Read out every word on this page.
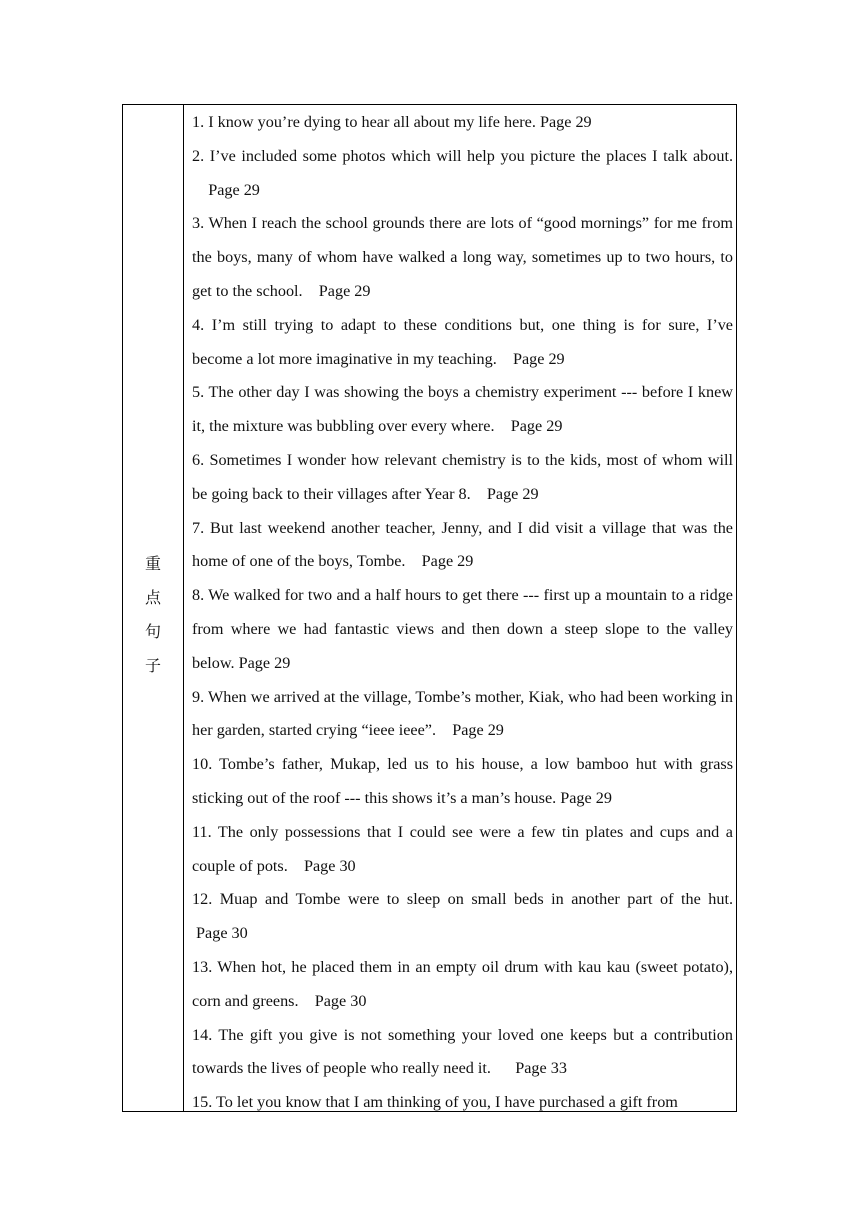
重
点
句
子
1. I know you’re dying to hear all about my life here. Page 29
2. I’ve included some photos which will help you picture the places I talk about.    Page 29
3. When I reach the school grounds there are lots of “good mornings” for me from the boys, many of whom have walked a long way, sometimes up to two hours, to get to the school.    Page 29
4. I’m still trying to adapt to these conditions but, one thing is for sure, I’ve become a lot more imaginative in my teaching.    Page 29
5. The other day I was showing the boys a chemistry experiment --- before I knew it, the mixture was bubbling over every where.    Page 29
6. Sometimes I wonder how relevant chemistry is to the kids, most of whom will be going back to their villages after Year 8.    Page 29
7. But last weekend another teacher, Jenny, and I did visit a village that was the home of one of the boys, Tombe.    Page 29
8. We walked for two and a half hours to get there --- first up a mountain to a ridge from where we had fantastic views and then down a steep slope to the valley below. Page 29
9. When we arrived at the village, Tombe’s mother, Kiak, who had been working in her garden, started crying “ieee ieee”.    Page 29
10. Tombe’s father, Mukap, led us to his house, a low bamboo hut with grass sticking out of the roof --- this shows it’s a man’s house. Page 29
11. The only possessions that I could see were a few tin plates and cups and a couple of pots.    Page 30
12. Muap and Tombe were to sleep on small beds in another part of the hut. Page 30
13. When hot, he placed them in an empty oil drum with kau kau (sweet potato), corn and greens.    Page 30
14. The gift you give is not something your loved one keeps but a contribution towards the lives of people who really need it.      Page 33
15. To let you know that I am thinking of you, I have purchased a gift from
